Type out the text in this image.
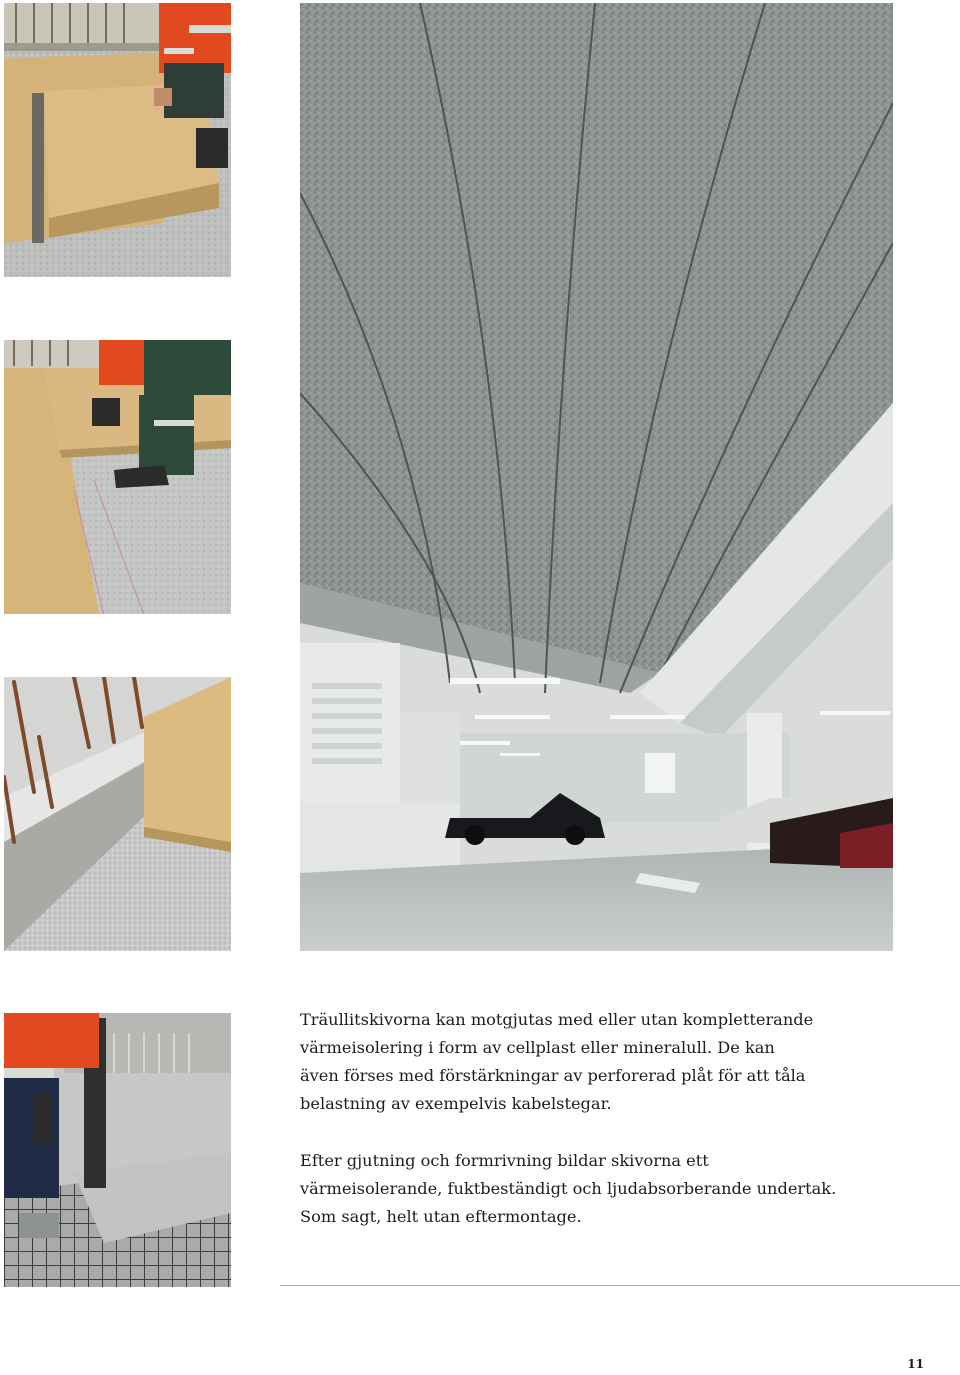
Träullitskivorna kan motgjutas med eller utan kompletterande
värmeisolering i form av cellplast eller mineralull. De kan
även förses med förstärkningar av perforerad plåt för att tåla
belastning av exempelvis kabelstegar.

Efter gjutning och formrivning bildar skivorna ett
värmeisolerande, fuktbeständigt och ljudabsorberande undertak.
Som sagt, helt utan eftermontage.

11
